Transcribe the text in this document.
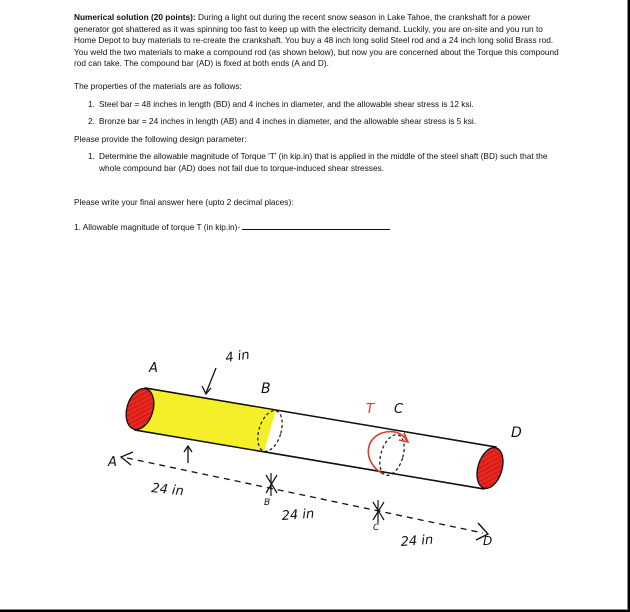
Numerical solution (20 points): During a light out during the recent snow season in Lake Tahoe, the crankshaft for a power generator got shattered as it was spinning too fast to keep up with the electricity demand. Luckily, you are on-site and you run to Home Depot to buy materials to re-create the crankshaft. You buy a 48 inch long solid Steel rod and a 24 inch long solid Brass rod. You weld the two materials to make a compound rod (as shown below), but now you are concerned about the Torque this compound rod can take. The compound bar (AD) is fixed at both ends (A and D).

The properties of the materials are as follows:

1. Steel bar = 48 inches in length (BD) and 4 inches in diameter, and the allowable shear stress is 12 ksi.
2. Bronze bar = 24 inches in length (AB) and 4 inches in diameter, and the allowable shear stress is 5 ksi.

Please provide the following design parameter:

1. Determine the allowable magnitude of Torque 'T' (in kip.in) that is applied in the middle of the steel shaft (BD) such that the whole compound bar (AD) does not fail due to torque-induced shear stresses.

Please write your final answer here (upto 2 decimal places):

1. Allowable magnitude of torque T (in kip.in)-

A
4 in
B
T C
D
A
24 in
B
24 in
C
24 in	D
